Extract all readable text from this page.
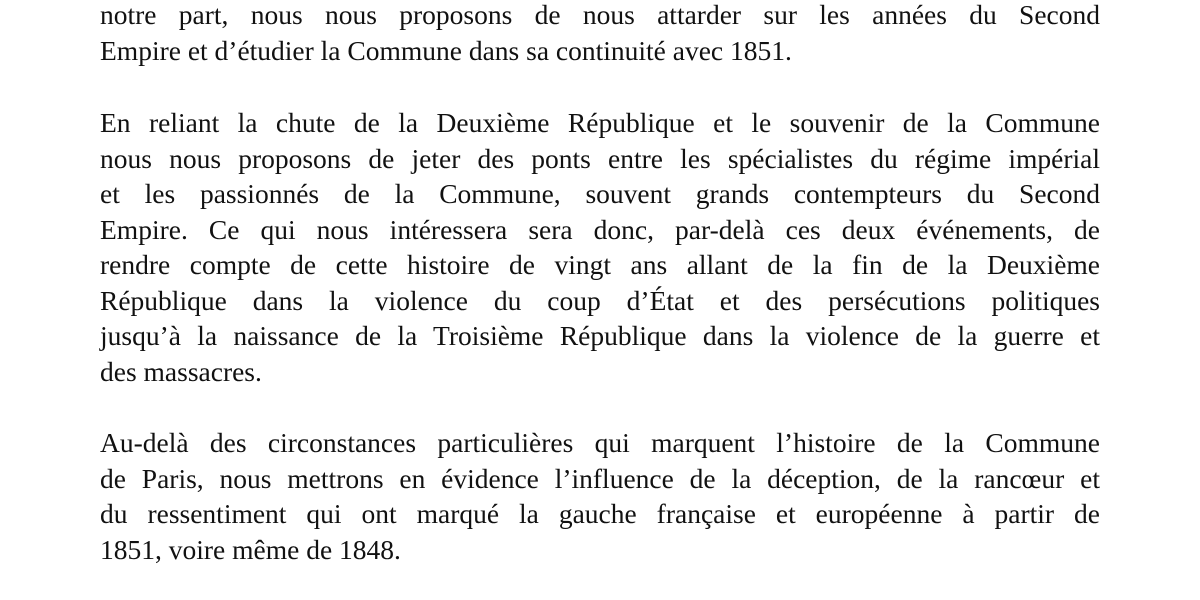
notre part, nous nous proposons de nous attarder sur les années du Second
Empire et d’étudier la Commune dans sa continuité avec 1851.
En reliant la chute de la Deuxième République et le souvenir de la Commune
nous nous proposons de jeter des ponts entre les spécialistes du régime impérial
et les passionnés de la Commune, souvent grands contempteurs du Second
Empire. Ce qui nous intéressera sera donc, par-delà ces deux événements, de
rendre compte de cette histoire de vingt ans allant de la fin de la Deuxième
République dans la violence du coup d’État et des persécutions politiques
jusqu’à la naissance de la Troisième République dans la violence de la guerre et
des massacres.
Au-delà des circonstances particulières qui marquent l’histoire de la Commune
de Paris, nous mettrons en évidence l’influence de la déception, de la rancœur et
du ressentiment qui ont marqué la gauche française et européenne à partir de
1851, voire même de 1848.
